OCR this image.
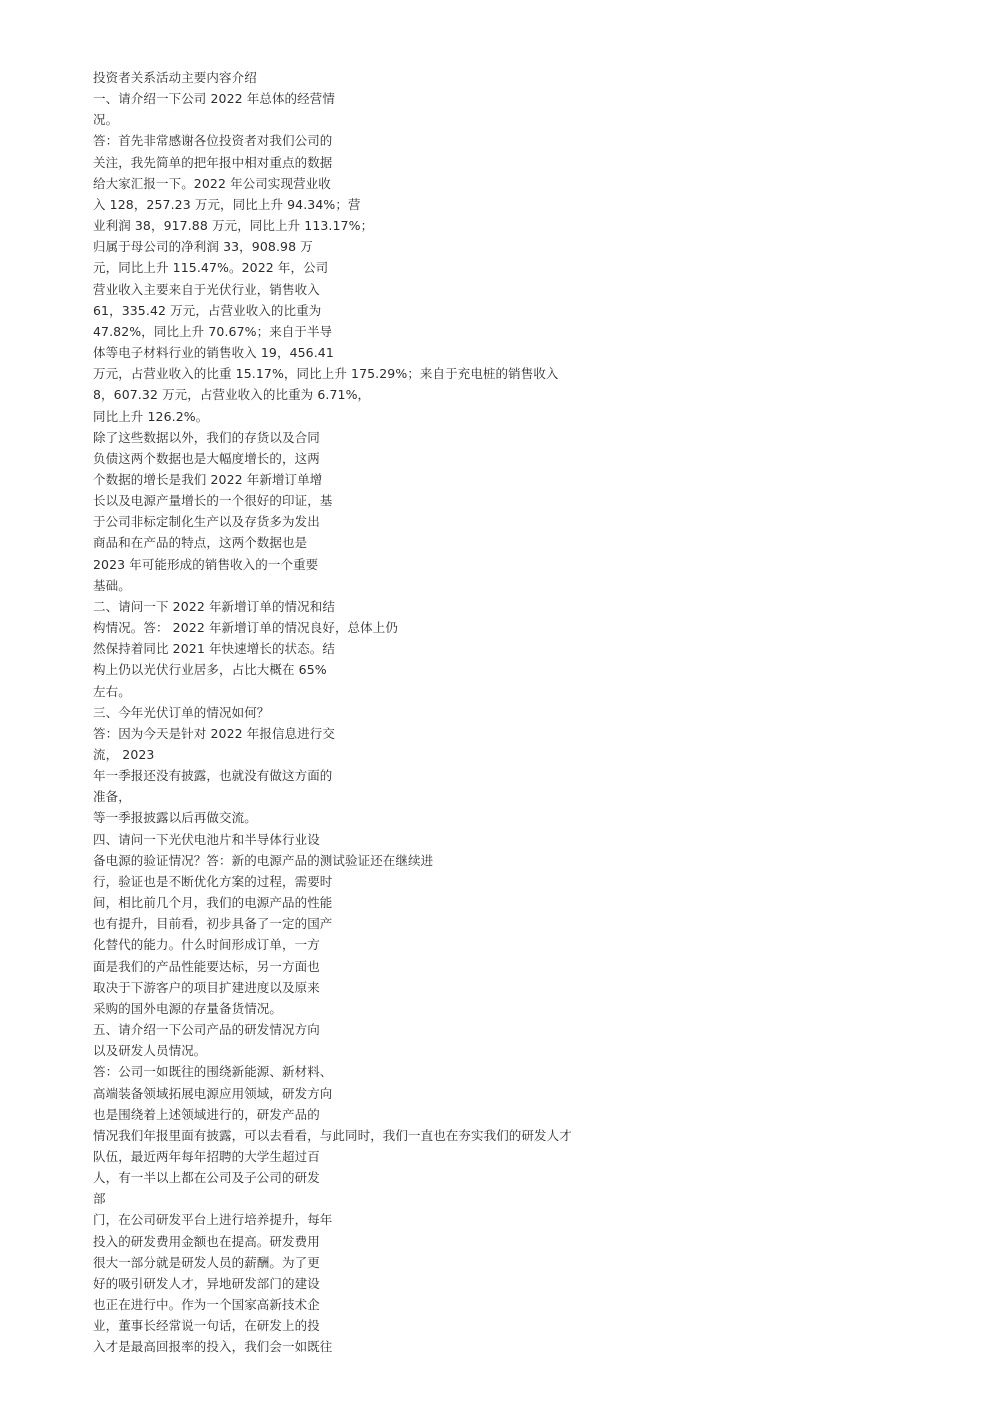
投资者关系活动主要内容介绍
一、请介绍一下公司 2022 年总体的经营情
况。
答：首先非常感谢各位投资者对我们公司的
关注，我先简单的把年报中相对重点的数据
给大家汇报一下。2022 年公司实现营业收
入 128，257.23 万元，同比上升 94.34%；营
业利润 38，917.88 万元，同比上升 113.17%；
归属于母公司的净利润 33，908.98 万
元，同比上升 115.47%。2022 年，公司
营业收入主要来自于光伏行业，销售收入
61，335.42 万元，占营业收入的比重为
47.82%，同比上升 70.67%；来自于半导
体等电子材料行业的销售收入 19，456.41
万元，占营业收入的比重 15.17%，同比上升 175.29%；来自于充电桩的销售收入
8，607.32 万元，占营业收入的比重为 6.71%，
同比上升 126.2%。
除了这些数据以外，我们的存货以及合同
负债这两个数据也是大幅度增长的，这两
个数据的增长是我们 2022 年新增订单增
长以及电源产量增长的一个很好的印证，基
于公司非标定制化生产以及存货多为发出
商品和在产品的特点，这两个数据也是
2023 年可能形成的销售收入的一个重要
基础。
二、请问一下 2022 年新增订单的情况和结
构情况。答： 2022 年新增订单的情况良好，总体上仍
然保持着同比 2021 年快速增长的状态。结
构上仍以光伏行业居多，占比大概在 65%
左右。
三、今年光伏订单的情况如何？
答：因为今天是针对 2022 年报信息进行交
流， 2023
年一季报还没有披露，也就没有做这方面的
准备，
等一季报披露以后再做交流。
四、请问一下光伏电池片和半导体行业设
备电源的验证情况？答：新的电源产品的测试验证还在继续进
行，验证也是不断优化方案的过程，需要时
间，相比前几个月，我们的电源产品的性能
也有提升，目前看，初步具备了一定的国产
化替代的能力。什么时间形成订单，一方
面是我们的产品性能要达标，另一方面也
取决于下游客户的项目扩建进度以及原来
采购的国外电源的存量备货情况。
五、请介绍一下公司产品的研发情况方向
以及研发人员情况。
答：公司一如既往的围绕新能源、新材料、
高端装备领域拓展电源应用领域，研发方向
也是围绕着上述领域进行的，研发产品的
情况我们年报里面有披露，可以去看看，与此同时，我们一直也在夯实我们的研发人才
队伍，最近两年每年招聘的大学生超过百
人，有一半以上都在公司及子公司的研发
部
门，在公司研发平台上进行培养提升，每年
投入的研发费用金额也在提高。研发费用
很大一部分就是研发人员的薪酬。为了更
好的吸引研发人才，异地研发部门的建设
也正在进行中。作为一个国家高新技术企
业，董事长经常说一句话，在研发上的投
入才是最高回报率的投入，我们会一如既往
